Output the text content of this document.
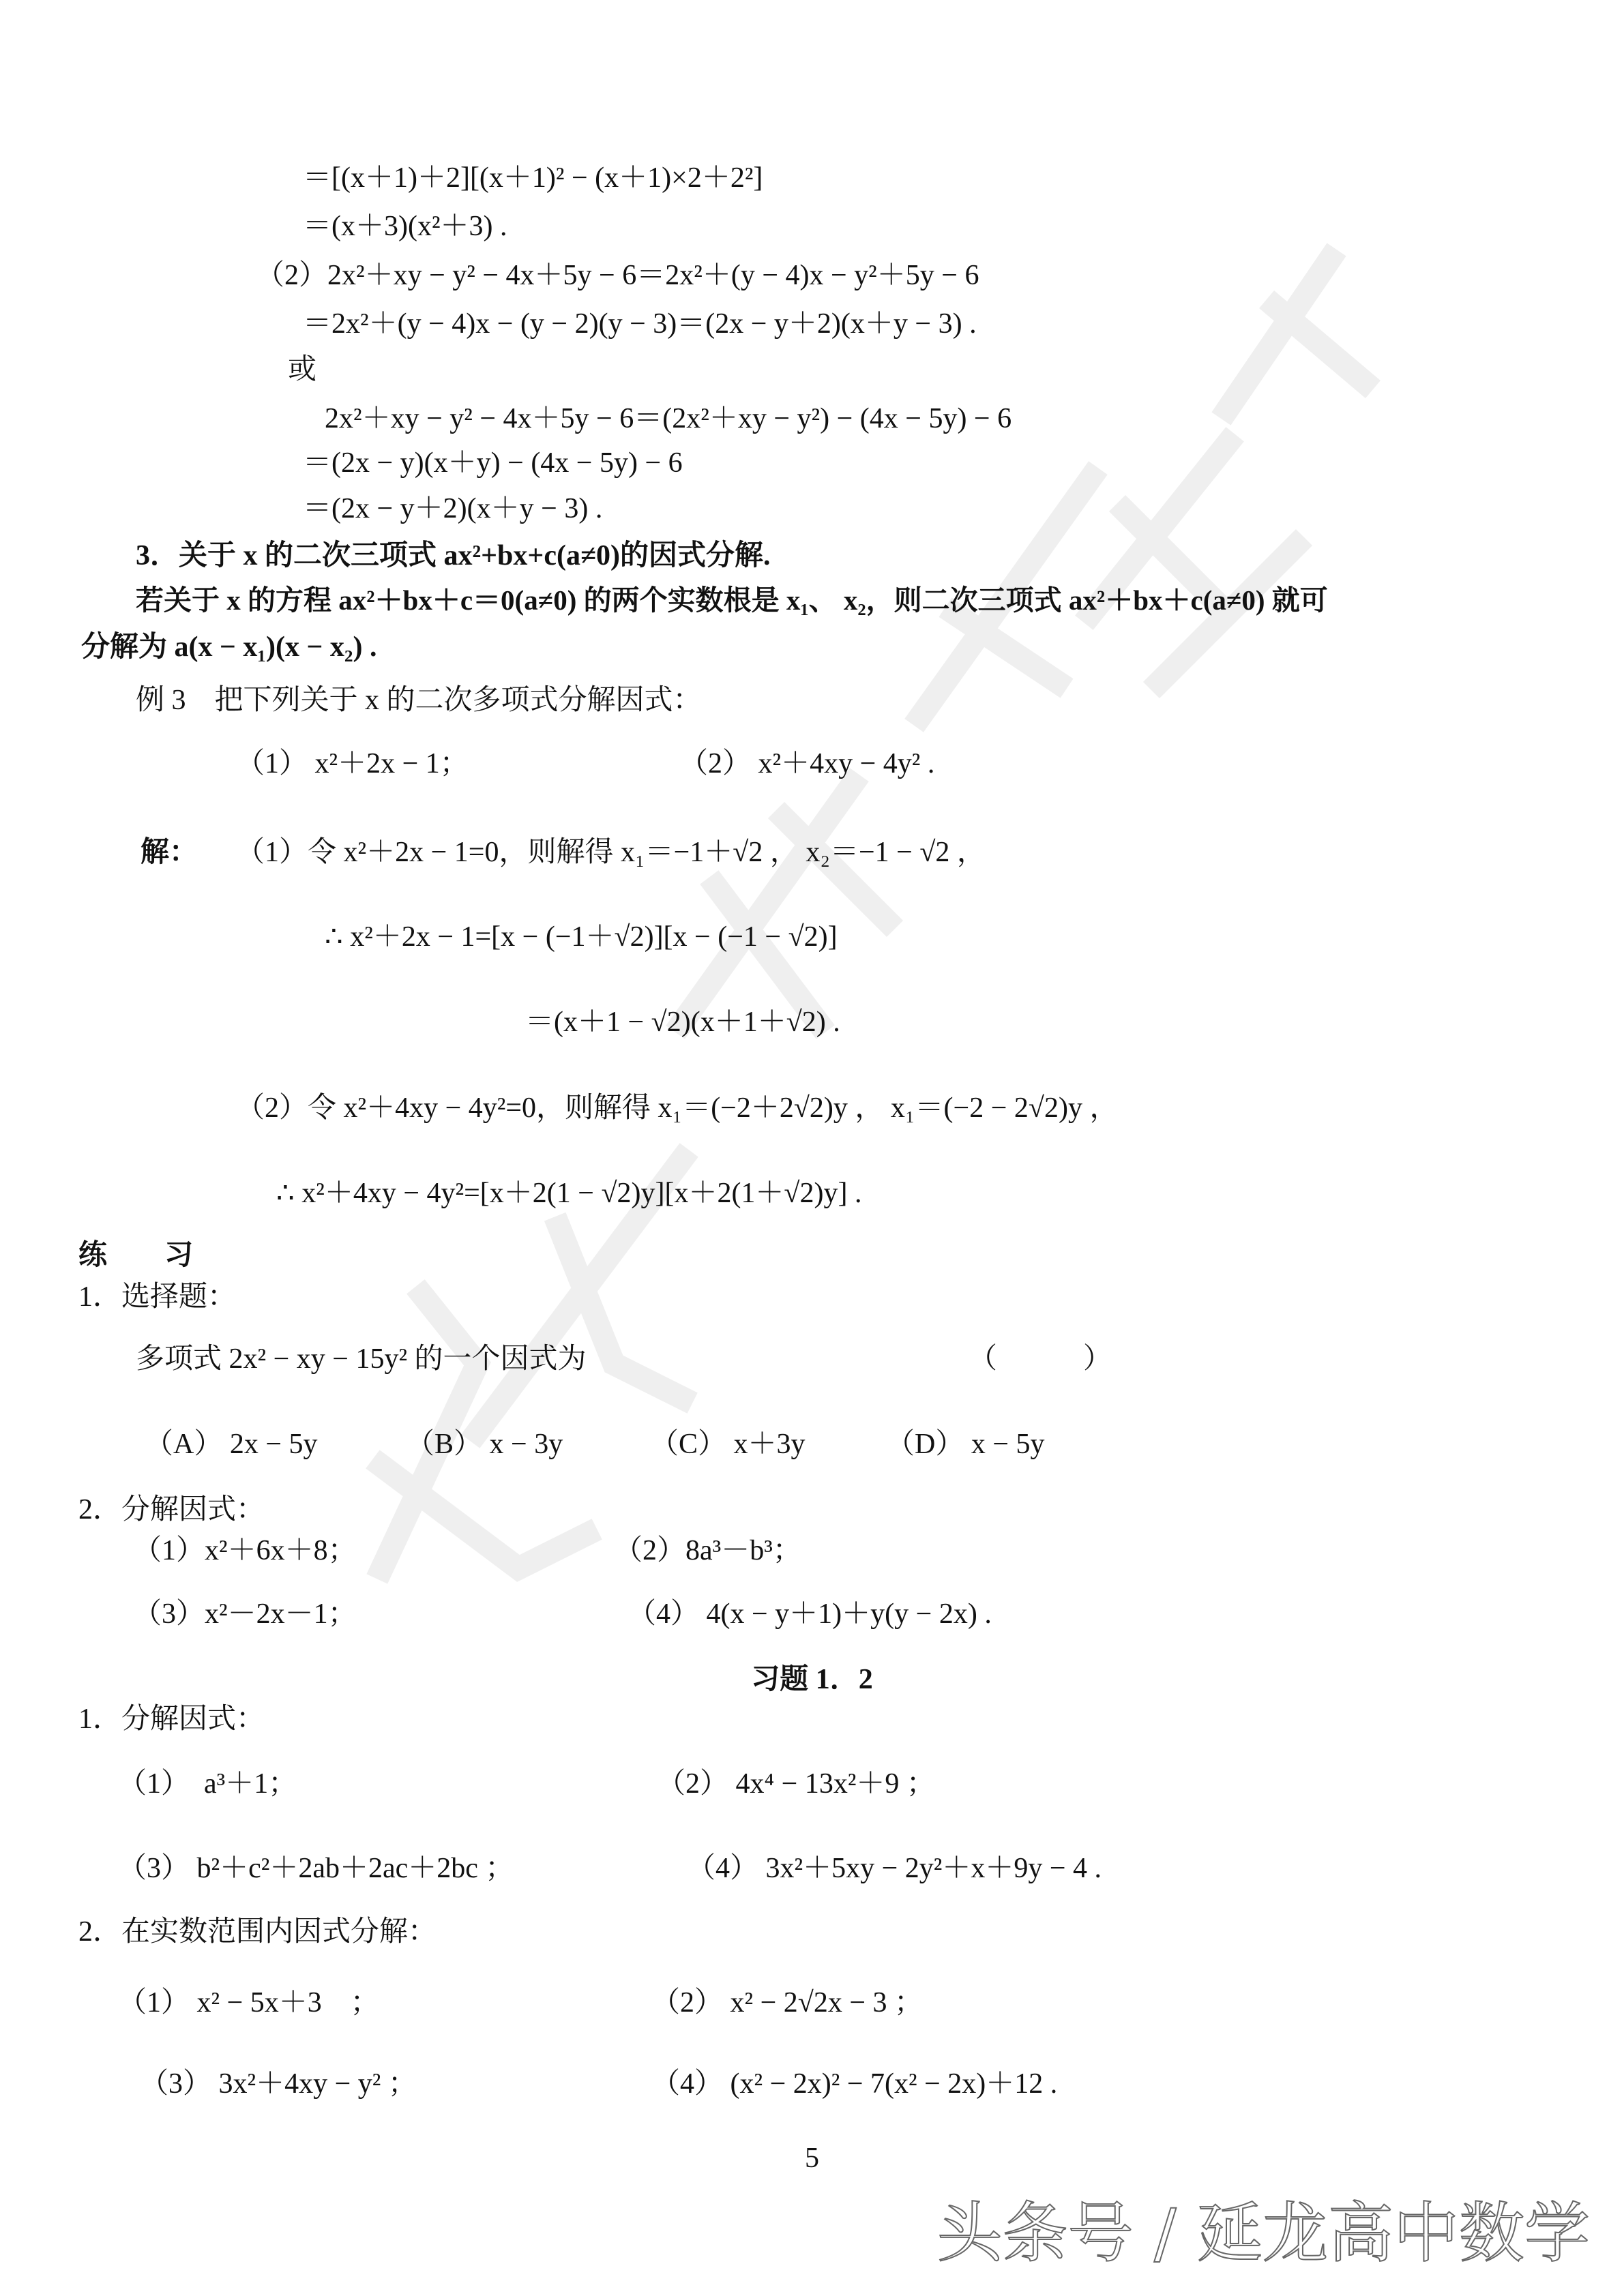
＝[(x＋1)＋2][(x＋1)² − (x＋1)×2＋2²]
＝(x＋3)(x²＋3) .
（2）2x²＋xy − y² − 4x＋5y − 6＝2x²＋(y − 4)x − y²＋5y − 6
＝2x²＋(y − 4)x − (y − 2)(y − 3)＝(2x − y＋2)(x＋y − 3) .
或
2x²＋xy − y² − 4x＋5y − 6＝(2x²＋xy − y²) − (4x − 5y) − 6
＝(2x − y)(x＋y) − (4x − 5y) − 6
＝(2x − y＋2)(x＋y − 3) .
3．关于 x 的二次三项式 ax²+bx+c(a≠0)的因式分解.
若关于 x 的方程 ax²＋bx＋c＝0(a≠0) 的两个实数根是 x₁、 x₂，则二次三项式 ax²＋bx＋c(a≠0) 就可
分解为 a(x − x₁)(x − x₂) .
例 3　把下列关于 x 的二次多项式分解因式：
（1） x²＋2x − 1；	（2） x²＋4xy − 4y² .
解： （1）令 x²＋2x − 1=0，则解得 x₁＝−1＋√2 ， x₂＝−1 − √2 ，
∴ x²＋2x − 1=[x − (−1＋√2)][x − (−1 − √2)]
＝(x＋1 − √2)(x＋1＋√2) .
（2）令 x²＋4xy − 4y²=0，则解得 x₁＝(−2＋2√2)y ， x₁＝(−2 − 2√2)y ，
∴ x²＋4xy − 4y²=[x＋2(1 − √2)y][x＋2(1＋√2)y] .
练　　习
1．选择题：
多项式 2x² − xy − 15y² 的一个因式为	（　　　）
（A） 2x − 5y	（B） x − 3y	（C） x＋3y	（D） x − 5y
2．分解因式：
（1）x²＋6x＋8；	（2）8a³－b³；
（3）x²－2x－1；	（4） 4(x − y＋1)＋y(y − 2x) .
习题 1．2
1．分解因式：
（1）　a³＋1；	（2） 4x⁴ − 13x²＋9 ；
（3） b²＋c²＋2ab＋2ac＋2bc ；	（4） 3x²＋5xy − 2y²＋x＋9y − 4 .
2．在实数范围内因式分解：
（1） x² − 5x＋3　；	（2） x² − 2√2x − 3 ；
（3） 3x²＋4xy − y² ；	（4） (x² − 2x)² − 7(x² − 2x)＋12 .
5
头条号 / 延龙高中数学
